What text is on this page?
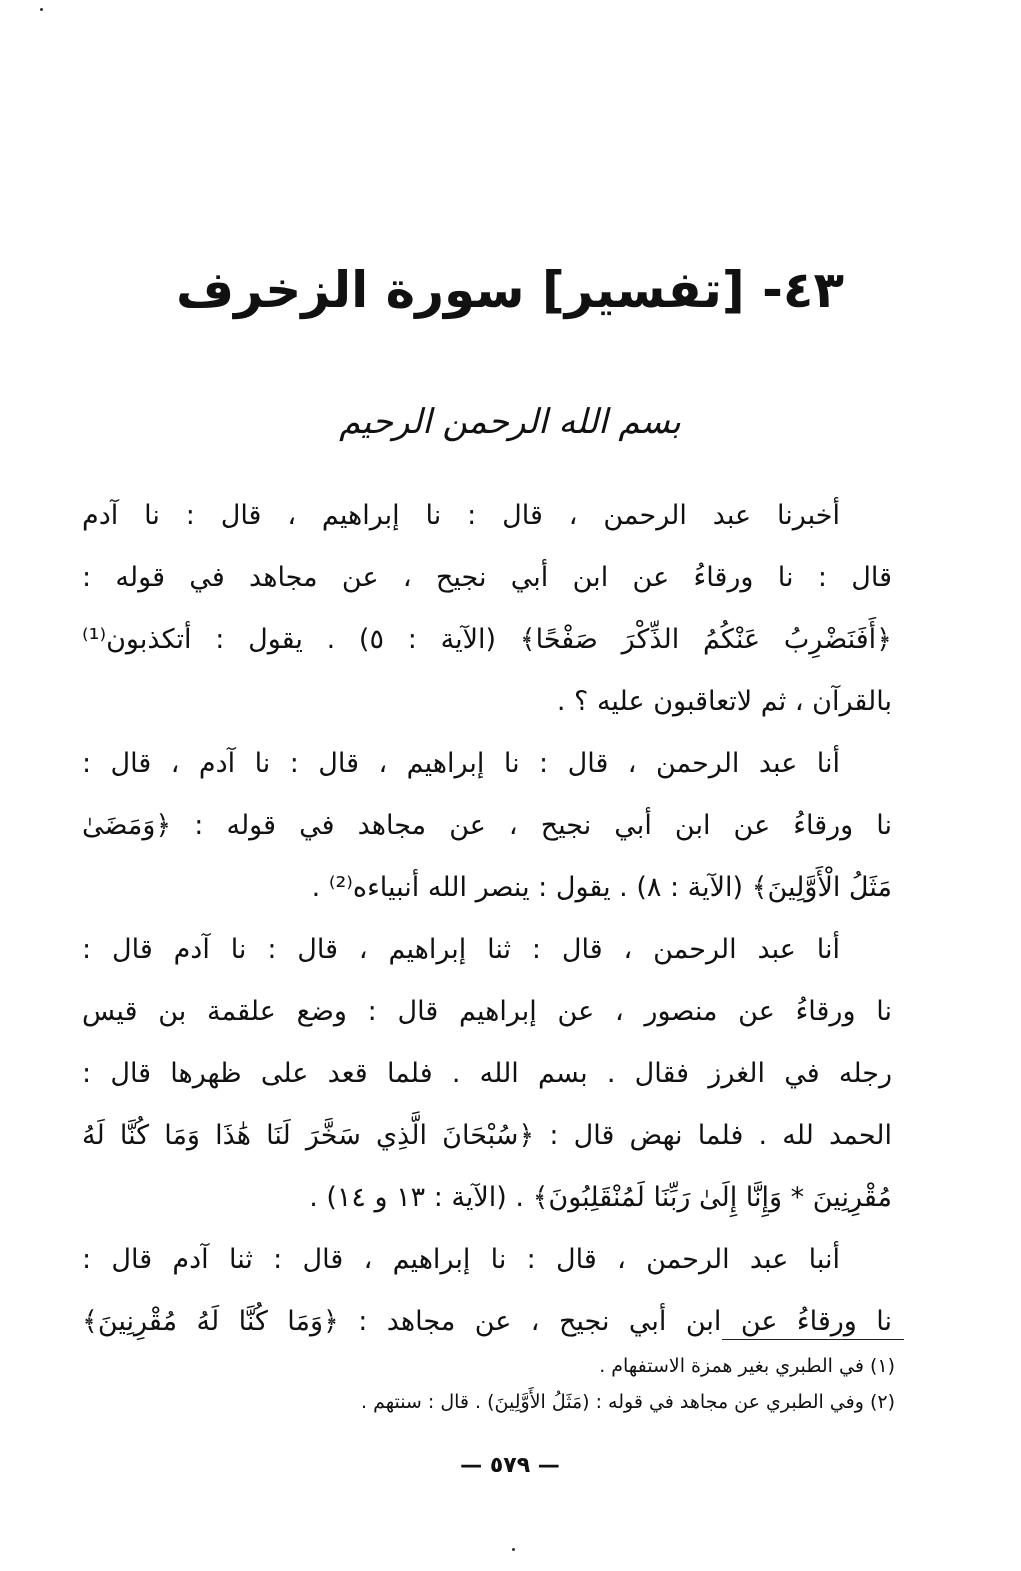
٤٣- [تفسير] سورة الزخرف
بسم الله الرحمن الرحيم
أخبرنا عبد الرحمن ، قال : نا إبراهيم ، قال : نا آدم
قال : نا ورقاءُ عن ابن أبي نجيح ، عن مجاهد في قوله :
﴿أَفَنَضْرِبُ عَنْكُمُ الذِّكْرَ صَفْحًا﴾ (الآية : ٥) . يقول : أتكذبون⁽¹⁾
بالقرآن ، ثم لاتعاقبون عليه ؟ .
أنا عبد الرحمن ، قال : نا إبراهيم ، قال : نا آدم ، قال :
نا ورقاءُ عن ابن أبي نجيح ، عن مجاهد في قوله : ﴿وَمَضَىٰ
مَثَلُ الْأَوَّلِينَ﴾ (الآية : ٨) . يقول : ينصر الله أنبياءه⁽²⁾ .
أنا عبد الرحمن ، قال : ثنا إبراهيم ، قال : نا آدم قال :
نا ورقاءُ عن منصور ، عن إبراهيم قال : وضع علقمة بن قيس
رجله في الغرز فقال . بسم الله . فلما قعد على ظهرها قال :
الحمد لله . فلما نهض قال : ﴿سُبْحَانَ الَّذِي سَخَّرَ لَنَا هَٰذَا وَمَا كُنَّا لَهُ
مُقْرِنِينَ * وَإِنَّا إِلَىٰ رَبِّنَا لَمُنْقَلِبُونَ﴾ . (الآية : ١٣ و ١٤) .
أنبا عبد الرحمن ، قال : نا إبراهيم ، قال : ثنا آدم قال :
نا ورقاءُ عن ابن أبي نجيح ، عن مجاهد : ﴿وَمَا كُنَّا لَهُ مُقْرِنِينَ﴾
(١) في الطبري بغير همزة الاستفهام .
(٢) وفي الطبري عن مجاهد في قوله : (مَثَلُ الأَوَّلِينَ) . قال : سنتهم .
— ٥٧٩ —
